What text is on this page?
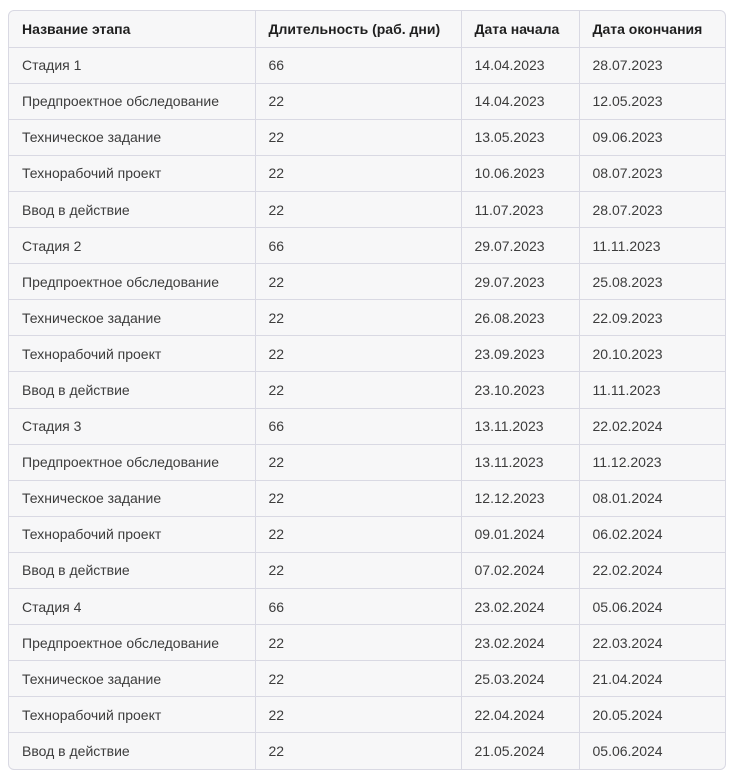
Название этапа	Длительность (раб. дни)	Дата начала	Дата окончания
Стадия 1	66	14.04.2023	28.07.2023
Предпроектное обследование	22	14.04.2023	12.05.2023
Техническое задание	22	13.05.2023	09.06.2023
Технорабочий проект	22	10.06.2023	08.07.2023
Ввод в действие	22	11.07.2023	28.07.2023
Стадия 2	66	29.07.2023	11.11.2023
Предпроектное обследование	22	29.07.2023	25.08.2023
Техническое задание	22	26.08.2023	22.09.2023
Технорабочий проект	22	23.09.2023	20.10.2023
Ввод в действие	22	23.10.2023	11.11.2023
Стадия 3	66	13.11.2023	22.02.2024
Предпроектное обследование	22	13.11.2023	11.12.2023
Техническое задание	22	12.12.2023	08.01.2024
Технорабочий проект	22	09.01.2024	06.02.2024
Ввод в действие	22	07.02.2024	22.02.2024
Стадия 4	66	23.02.2024	05.06.2024
Предпроектное обследование	22	23.02.2024	22.03.2024
Техническое задание	22	25.03.2024	21.04.2024
Технорабочий проект	22	22.04.2024	20.05.2024
Ввод в действие	22	21.05.2024	05.06.2024
